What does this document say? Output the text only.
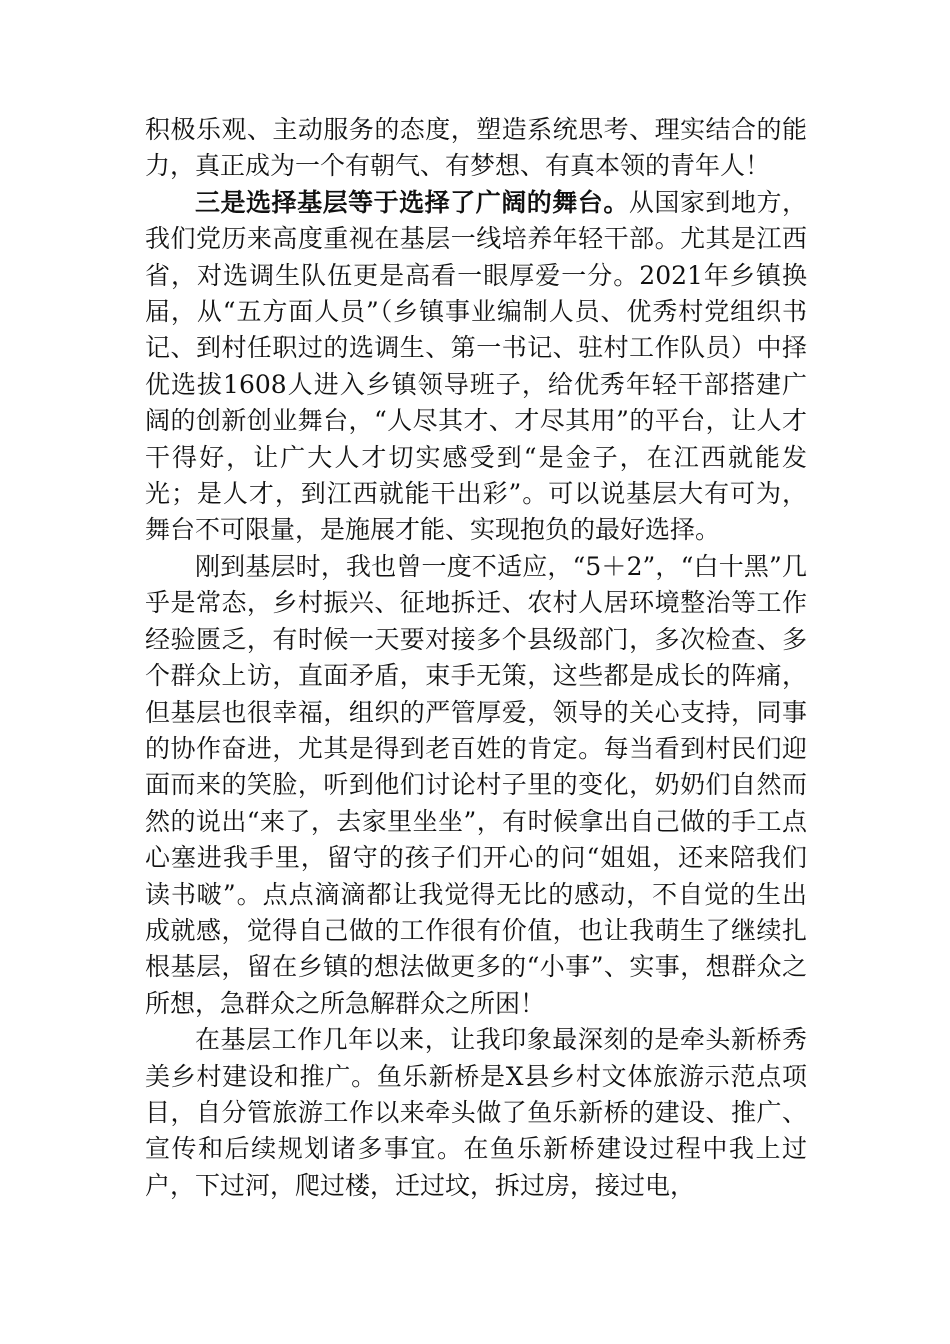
积极乐观、主动服务的态度，塑造系统思考、理实结合的能力，真正成为一个有朝气、有梦想、有真本领的青年人！

三是选择基层等于选择了广阔的舞台。从国家到地方，我们党历来高度重视在基层一线培养年轻干部。尤其是江西省，对选调生队伍更是高看一眼厚爱一分。2021年乡镇换届，从“五方面人员”（乡镇事业编制人员、优秀村党组织书记、到村任职过的选调生、第一书记、驻村工作队员）中择优选拔1608人进入乡镇领导班子，给优秀年轻干部搭建广阔的创新创业舞台，“人尽其才、才尽其用”的平台，让人才干得好，让广大人才切实感受到“是金子，在江西就能发光；是人才，到江西就能干出彩”。可以说基层大有可为，舞台不可限量，是施展才能、实现抱负的最好选择。

刚到基层时，我也曾一度不适应，“5＋2”，“白十黑”几乎是常态，乡村振兴、征地拆迁、农村人居环境整治等工作经验匮乏，有时候一天要对接多个县级部门，多次检查、多个群众上访，直面矛盾，束手无策，这些都是成长的阵痛，但基层也很幸福，组织的严管厚爱，领导的关心支持，同事的协作奋进，尤其是得到老百姓的肯定。每当看到村民们迎面而来的笑脸，听到他们讨论村子里的变化，奶奶们自然而然的说出“来了，去家里坐坐”，有时候拿出自己做的手工点心塞进我手里，留守的孩子们开心的问“姐姐，还来陪我们读书啵”。点点滴滴都让我觉得无比的感动，不自觉的生出成就感，觉得自己做的工作很有价值，也让我萌生了继续扎根基层，留在乡镇的想法做更多的“小事”、实事，想群众之所想，急群众之所急解群众之所困！

在基层工作几年以来，让我印象最深刻的是牵头新桥秀美乡村建设和推广。鱼乐新桥是X县乡村文体旅游示范点项目，自分管旅游工作以来牵头做了鱼乐新桥的建设、推广、宣传和后续规划诸多事宜。在鱼乐新桥建设过程中我上过户，下过河，爬过楼，迁过坟，拆过房，接过电，
